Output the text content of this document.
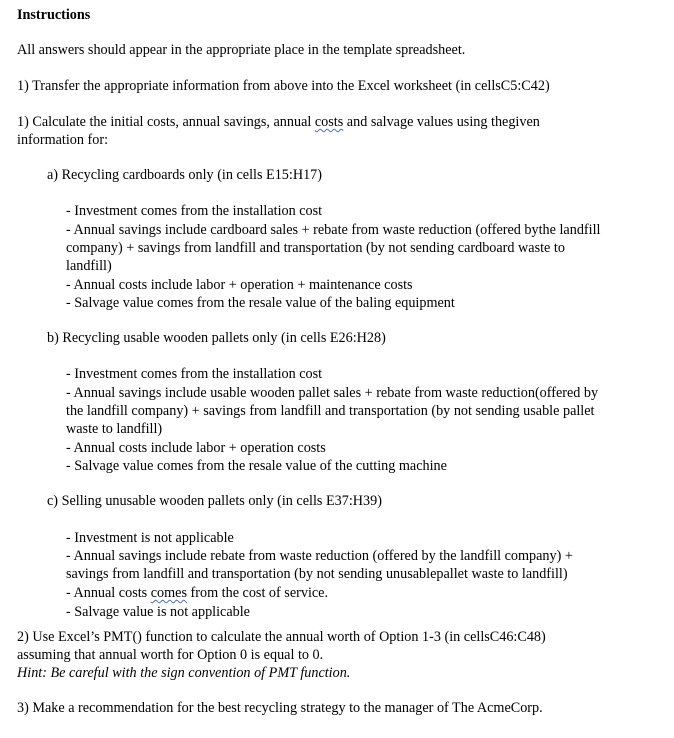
Instructions
All answers should appear in the appropriate place in the template spreadsheet.
1) Transfer the appropriate information from above into the Excel worksheet (in cellsC5:C42)
1) Calculate the initial costs, annual savings, annual costs and salvage values using thegiven
information for:
a) Recycling cardboards only (in cells E15:H17)
- Investment comes from the installation cost
- Annual savings include cardboard sales + rebate from waste reduction (offered bythe landfill
company) + savings from landfill and transportation (by not sending cardboard waste to
landfill)
- Annual costs include labor + operation + maintenance costs
- Salvage value comes from the resale value of the baling equipment
b) Recycling usable wooden pallets only (in cells E26:H28)
- Investment comes from the installation cost
- Annual savings include usable wooden pallet sales + rebate from waste reduction(offered by
the landfill company) + savings from landfill and transportation (by not sending usable pallet
waste to landfill)
- Annual costs include labor + operation costs
- Salvage value comes from the resale value of the cutting machine
c) Selling unusable wooden pallets only (in cells E37:H39)
- Investment is not applicable
- Annual savings include rebate from waste reduction (offered by the landfill company) +
savings from landfill and transportation (by not sending unusablepallet waste to landfill)
- Annual costs comes from the cost of service.
- Salvage value is not applicable
2) Use Excel’s PMT() function to calculate the annual worth of Option 1-3 (in cellsC46:C48)
assuming that annual worth for Option 0 is equal to 0.
Hint: Be careful with the sign convention of PMT function.
3) Make a recommendation for the best recycling strategy to the manager of The AcmeCorp.
